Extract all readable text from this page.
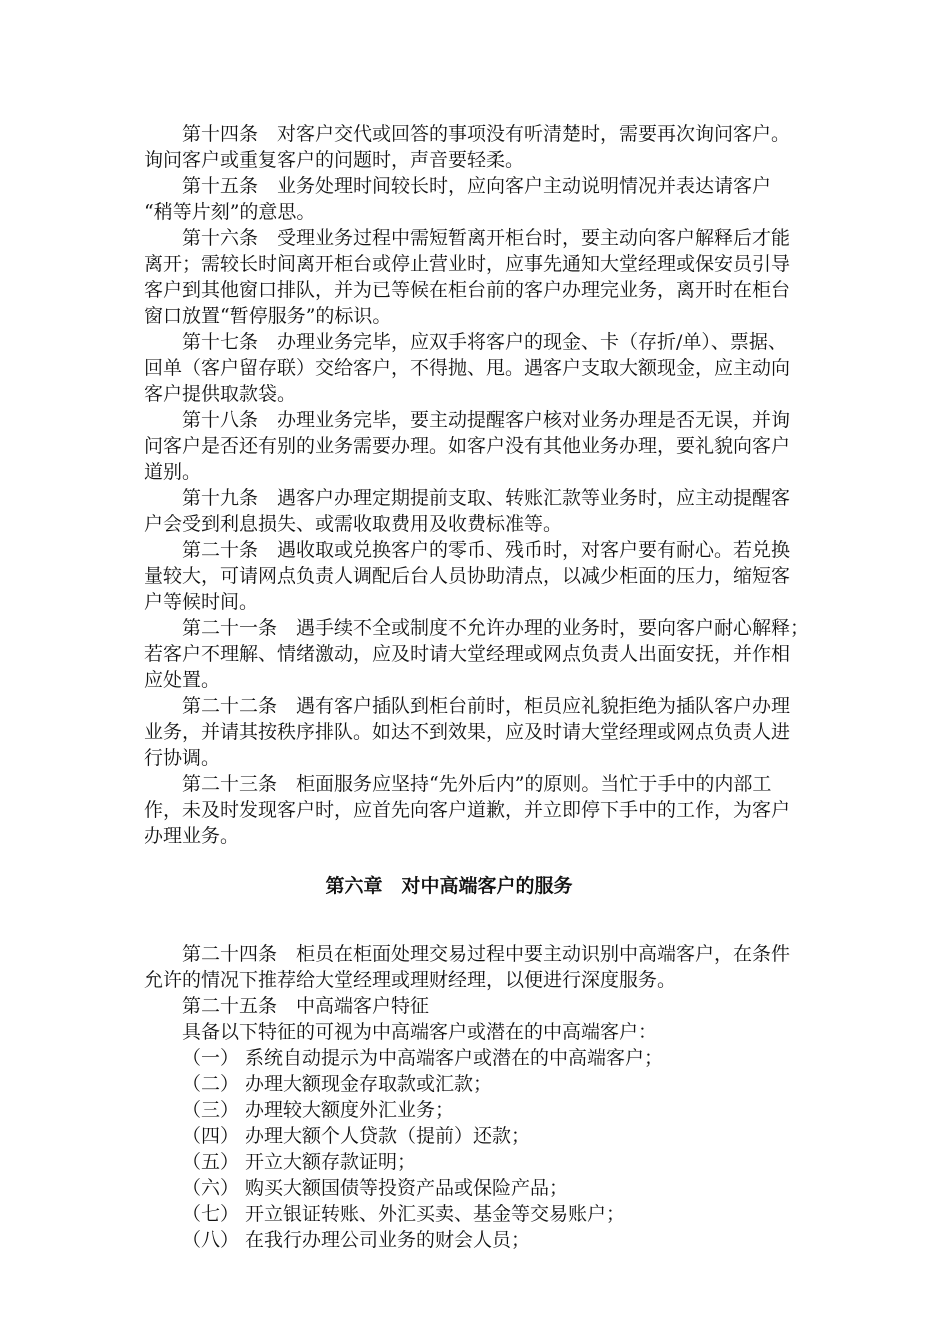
第十四条　对客户交代或回答的事项没有听清楚时，需要再次询问客户。
询问客户或重复客户的问题时，声音要轻柔。
第十五条　业务处理时间较长时，应向客户主动说明情况并表达请客户
“稍等片刻”的意思。
第十六条　受理业务过程中需短暂离开柜台时，要主动向客户解释后才能
离开；需较长时间离开柜台或停止营业时，应事先通知大堂经理或保安员引导
客户到其他窗口排队，并为已等候在柜台前的客户办理完业务，离开时在柜台
窗口放置“暂停服务”的标识。
第十七条　办理业务完毕，应双手将客户的现金、卡（存折/单）、票据、
回单（客户留存联）交给客户，不得抛、甩。遇客户支取大额现金，应主动向
客户提供取款袋。
第十八条　办理业务完毕，要主动提醒客户核对业务办理是否无误，并询
问客户是否还有别的业务需要办理。如客户没有其他业务办理，要礼貌向客户
道别。
第十九条　遇客户办理定期提前支取、转账汇款等业务时，应主动提醒客
户会受到利息损失、或需收取费用及收费标准等。
第二十条　遇收取或兑换客户的零币、残币时，对客户要有耐心。若兑换
量较大，可请网点负责人调配后台人员协助清点，以减少柜面的压力，缩短客
户等候时间。
第二十一条　遇手续不全或制度不允许办理的业务时，要向客户耐心解释；
若客户不理解、情绪激动，应及时请大堂经理或网点负责人出面安抚，并作相
应处置。
第二十二条　遇有客户插队到柜台前时，柜员应礼貌拒绝为插队客户办理
业务，并请其按秩序排队。如达不到效果，应及时请大堂经理或网点负责人进
行协调。
第二十三条　柜面服务应坚持“先外后内”的原则。当忙于手中的内部工
作，未及时发现客户时，应首先向客户道歉，并立即停下手中的工作，为客户
办理业务。
第六章　对中高端客户的服务
第二十四条　柜员在柜面处理交易过程中要主动识别中高端客户，在条件
允许的情况下推荐给大堂经理或理财经理，以便进行深度服务。
第二十五条　中高端客户特征
具备以下特征的可视为中高端客户或潜在的中高端客户：
（一） 系统自动提示为中高端客户或潜在的中高端客户；
（二） 办理大额现金存取款或汇款；
（三） 办理较大额度外汇业务；
（四） 办理大额个人贷款（提前）还款；
（五） 开立大额存款证明；
（六） 购买大额国债等投资产品或保险产品；
（七） 开立银证转账、外汇买卖、基金等交易账户；
（八） 在我行办理公司业务的财会人员；
